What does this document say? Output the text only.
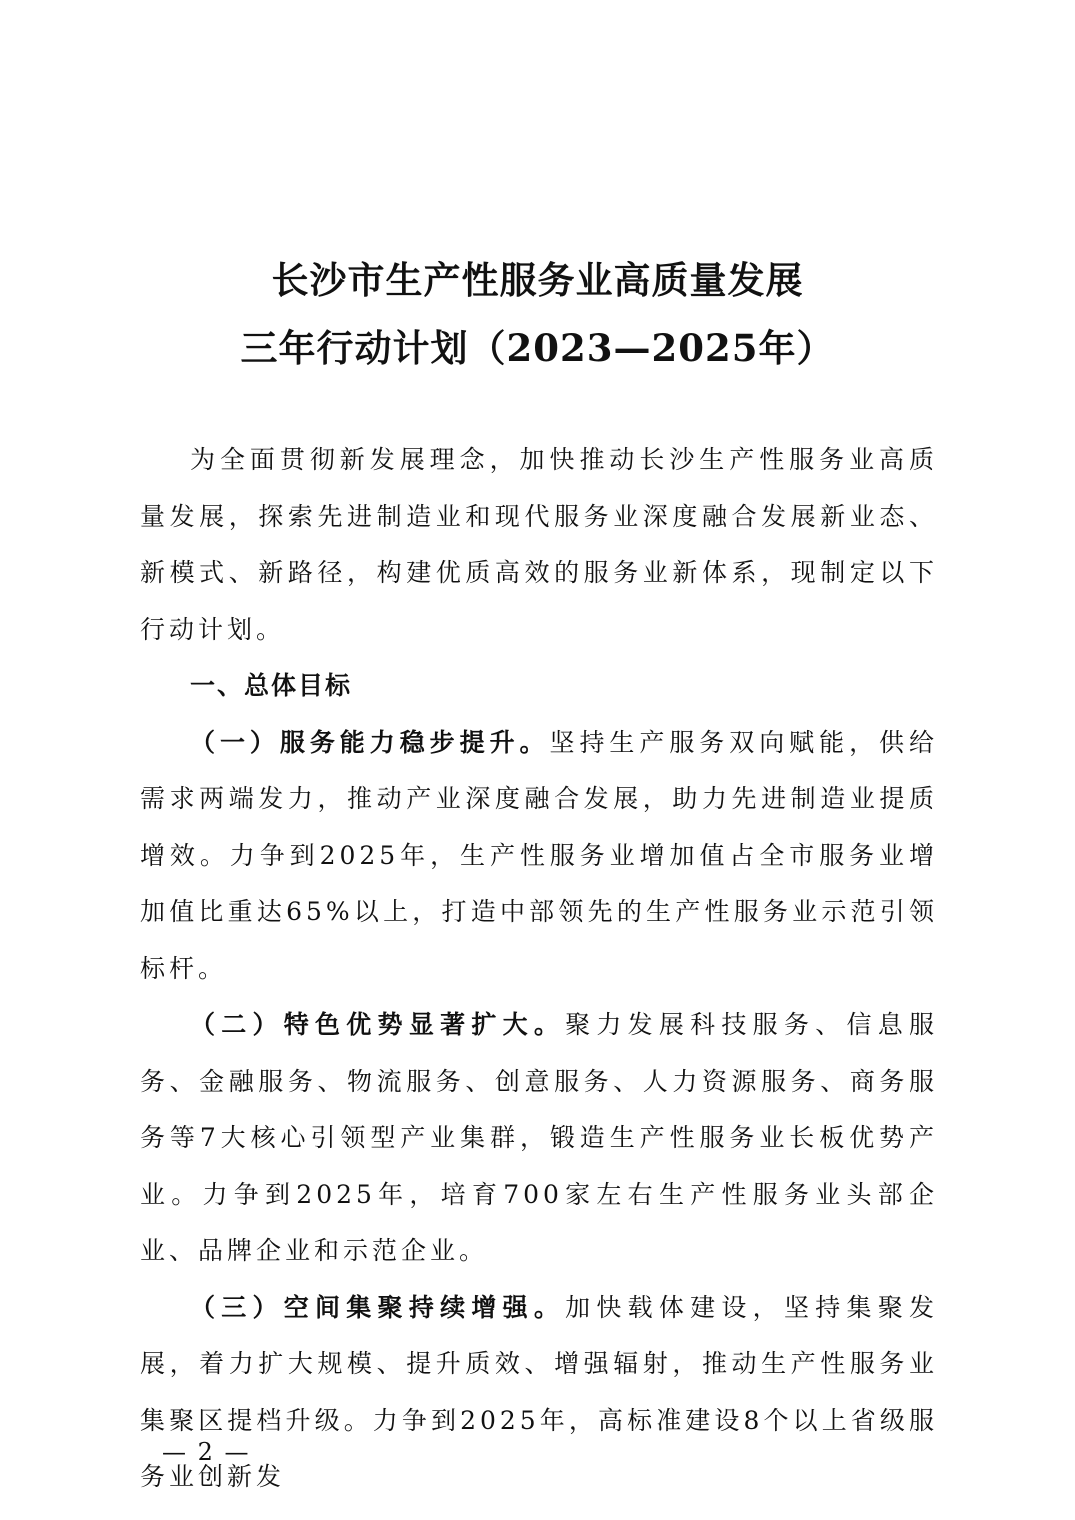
长沙市生产性服务业高质量发展
三年行动计划（2023—2025年）

为全面贯彻新发展理念，加快推动长沙生产性服务业高质量发展，探索先进制造业和现代服务业深度融合发展新业态、新模式、新路径，构建优质高效的服务业新体系，现制定以下行动计划。

一、总体目标

（一）服务能力稳步提升。坚持生产服务双向赋能，供给需求两端发力，推动产业深度融合发展，助力先进制造业提质增效。力争到2025年，生产性服务业增加值占全市服务业增加值比重达65%以上，打造中部领先的生产性服务业示范引领标杆。

（二）特色优势显著扩大。聚力发展科技服务、信息服务、金融服务、物流服务、创意服务、人力资源服务、商务服务等7大核心引领型产业集群，锻造生产性服务业长板优势产业。力争到2025年，培育700家左右生产性服务业头部企业、品牌企业和示范企业。

（三）空间集聚持续增强。加快载体建设，坚持集聚发展，着力扩大规模、提升质效、增强辐射，推动生产性服务业集聚区提档升级。力争到2025年，高标准建设8个以上省级服务业创新发

— 2 —
